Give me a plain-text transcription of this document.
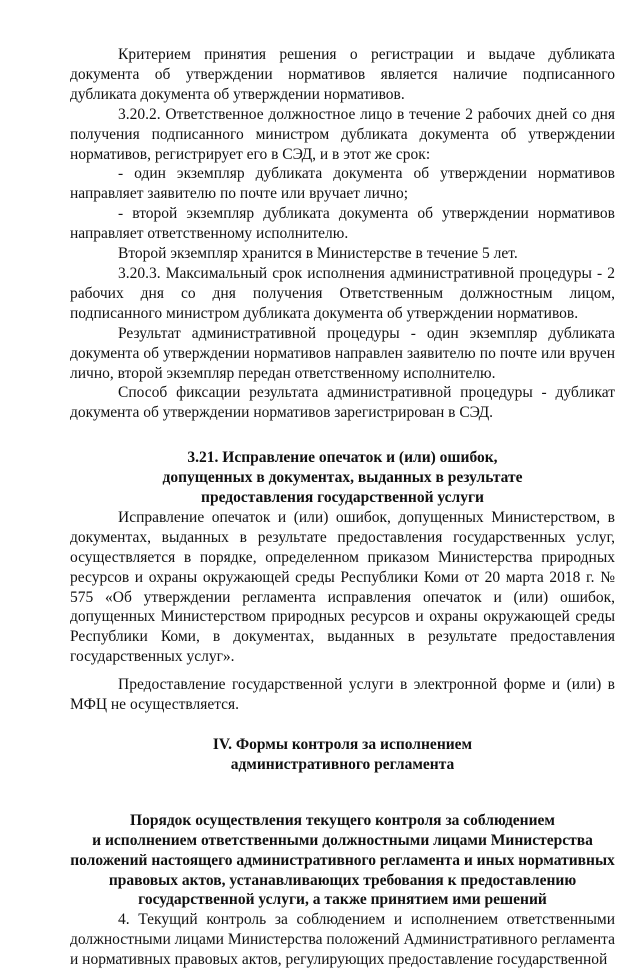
Критерием принятия решения о регистрации и выдаче дубликата документа об утверждении нормативов является наличие подписанного дубликата документа об утверждении нормативов.

3.20.2. Ответственное должностное лицо в течение 2 рабочих дней со дня получения подписанного министром дубликата документа об утверждении нормативов, регистрирует его в СЭД, и в этот же срок:

- один экземпляр дубликата документа об утверждении нормативов направляет заявителю по почте или вручает лично;

- второй экземпляр дубликата документа об утверждении нормативов направляет ответственному исполнителю.

Второй экземпляр хранится в Министерстве в течение 5 лет.

3.20.3. Максимальный срок исполнения административной процедуры - 2 рабочих дня со дня получения Ответственным должностным лицом, подписанного министром дубликата документа об утверждении нормативов.

Результат административной процедуры - один экземпляр дубликата документа об утверждении нормативов направлен заявителю по почте или вручен лично, второй экземпляр передан ответственному исполнителю.

Способ фиксации результата административной процедуры - дубликат документа об утверждении нормативов зарегистрирован в СЭД.

3.21. Исправление опечаток и (или) ошибок,
допущенных в документах, выданных в результате
предоставления государственной услуги

Исправление опечаток и (или) ошибок, допущенных Министерством, в документах, выданных в результате предоставления государственных услуг, осуществляется в порядке, определенном приказом Министерства природных ресурсов и охраны окружающей среды Республики Коми от 20 марта 2018 г. № 575 «Об утверждении регламента исправления опечаток и (или) ошибок, допущенных Министерством природных ресурсов и охраны окружающей среды Республики Коми, в документах, выданных в результате предоставления государственных услуг».

Предоставление государственной услуги в электронной форме и (или) в МФЦ не осуществляется.

IV. Формы контроля за исполнением
административного регламента
Порядок осуществления текущего контроля за соблюдением
и исполнением ответственными должностными лицами Министерства
положений настоящего административного регламента и иных нормативных
правовых актов, устанавливающих требования к предоставлению
государственной услуги, а также принятием ими решений

4. Текущий контроль за соблюдением и исполнением ответственными должностными лицами Министерства положений Административного регламента и нормативных правовых актов, регулирующих предоставление государственной
